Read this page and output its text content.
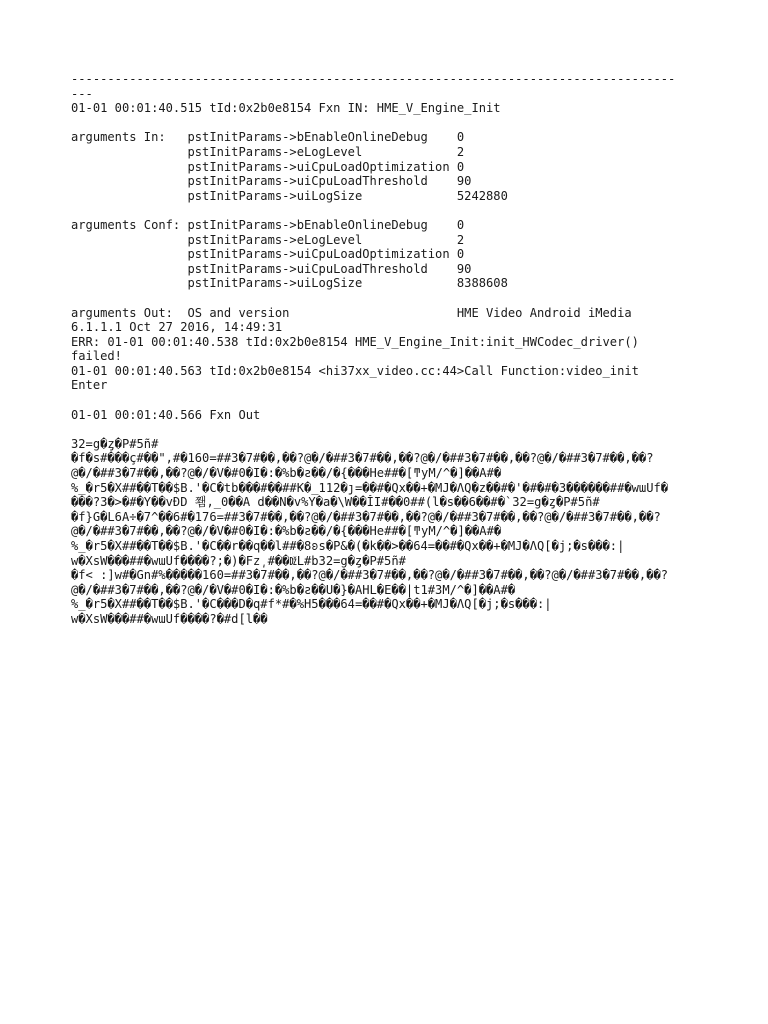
-----------------------------------------------------------------------------------
---
01-01 00:01:40.515 tId:0x2b0e8154 Fxn IN: HME_V_Engine_Init
arguments In:   pstInitParams->bEnableOnlineDebug    0
pstInitParams->eLogLevel             2
pstInitParams->uiCpuLoadOptimization 0
pstInitParams->uiCpuLoadThreshold    90
pstInitParams->uiLogSize             5242880
arguments Conf: pstInitParams->bEnableOnlineDebug    0
pstInitParams->eLogLevel             2
pstInitParams->uiCpuLoadOptimization 0
pstInitParams->uiCpuLoadThreshold    90
pstInitParams->uiLogSize             8388608
arguments Out:  OS and version                       HME Video Android iMedia
6.1.1.1 Oct 27 2016, 14:49:31
ERR: 01-01 00:01:40.538 tId:0x2b0e8154 HME_V_Engine_Init:init_HWCodec_driver()
failed!
01-01 00:01:40.563 tId:0x2b0e8154 <hi37xx_video.cc:44>Call Function:video_init
Enter
01-01 00:01:40.566 Fxn Out
32=g�ȥ�P#5ñ#
�f�s#���ç#��",#�160=##3�7#��,��?@�/�##3�7#��,��?@�/�##3�7#��,��?@�/�##3�7#��,��?
@�/�##3�7#��,��?@�/�V�#0�I�:�%b�ƨ��/�{���He##�[ͳyM/^�]��A#�
%_�r5�X##��T��$B.'�C�tb���#��##K�_112�ȷ=��#�Qx��+�MJ�ΛQ�z��#�'�#�#�3������##�wɯUf�
���?3�>�#�Y��vĐD 쬄,_0��A d��N�v%Y�a�\W��ǏI#��0##(l�s��6��#�`32=g�ȥ�P#5ñ#
�f}G�L6A÷�7^��6#�176=##3�7#��,��?@�/�##3�7#��,��?@�/�##3�7#��,��?@�/�##3�7#��,��?
@�/�##3�7#��,��?@�/�V�#0�I�:�%b�ƨ��/�{���He##�[ͳyM/^�]��A#�
%_�r5�X##��T��$B.'�C��r��q��l##�8ʚs�P&�(�k��>��64=��#�Qx��+�MJ�ΛQ[�j;�s���:|
w�XsW���##�wɯUf����?;�)�Fz͵#��ǅL#b32=g�ȥ�P#5ñ#
�f< :]w#�Gn#%�����160=##3�7#��,��?@�/�##3�7#��,��?@�/�##3�7#��,��?@�/�##3�7#��,��?
@�/�##3�7#��,��?@�/�V�#0�I�:�%b�ƨ��U�}�AHL�E��|t1#3M/^�]��A#�
%_�r5�X##��T��$B.'�C���D�q#f*#�%H5���64=��#�Qx��+�MJ�ΛQ[�j;�s���:|
w�XsW���##�wɯUf����?�#d[l��
